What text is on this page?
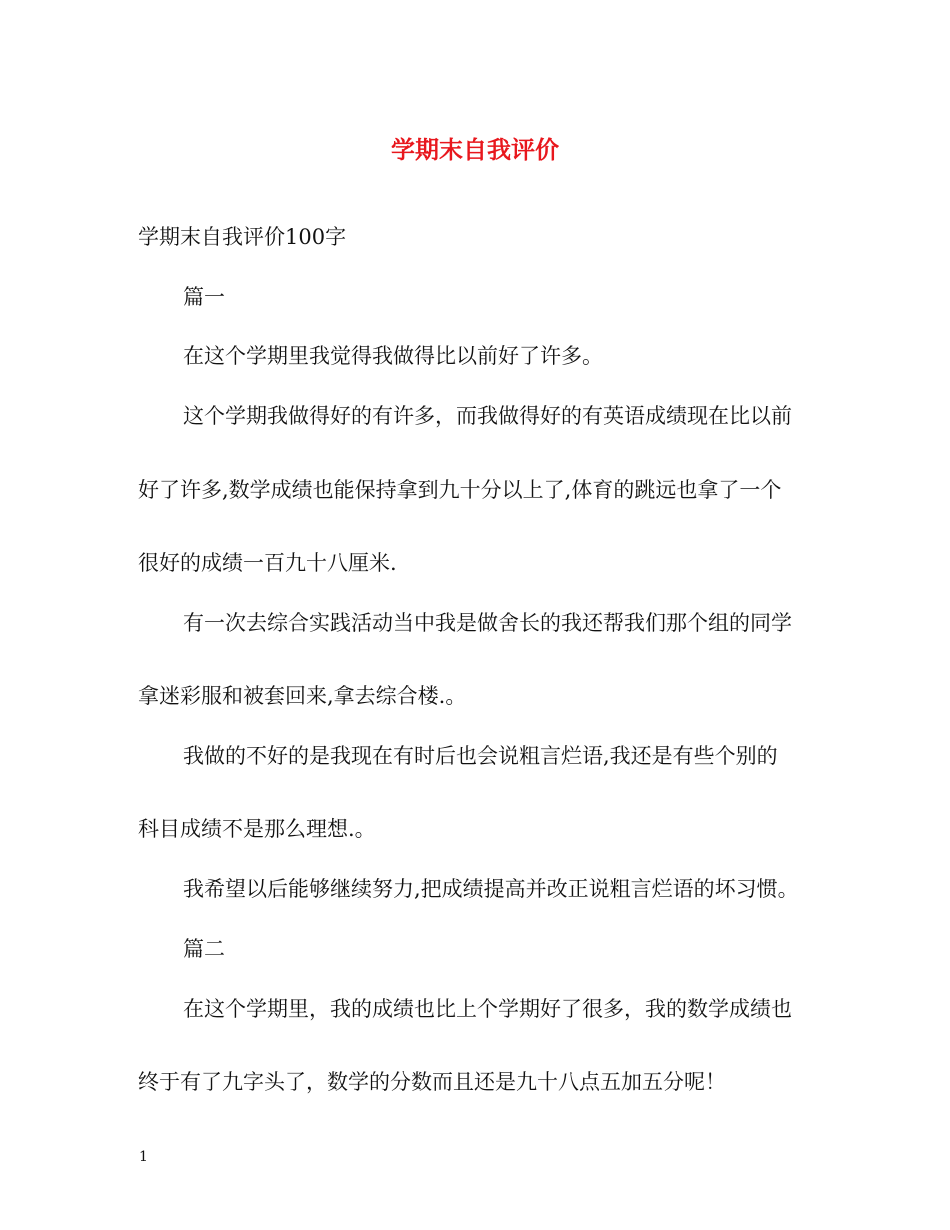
学期末自我评价

学期末自我评价100字

篇一

在这个学期里我觉得我做得比以前好了许多。

这个学期我做得好的有许多，而我做得好的有英语成绩现在比以前

好了许多,数学成绩也能保持拿到九十分以上了,体育的跳远也拿了一个

很好的成绩一百九十八厘米.

有一次去综合实践活动当中我是做舍长的我还帮我们那个组的同学

拿迷彩服和被套回来,拿去综合楼.。

我做的不好的是我现在有时后也会说粗言烂语,我还是有些个别的

科目成绩不是那么理想.。

我希望以后能够继续努力,把成绩提高并改正说粗言烂语的坏习惯。

篇二

在这个学期里，我的成绩也比上个学期好了很多，我的数学成绩也

终于有了九字头了，数学的分数而且还是九十八点五加五分呢！

1
